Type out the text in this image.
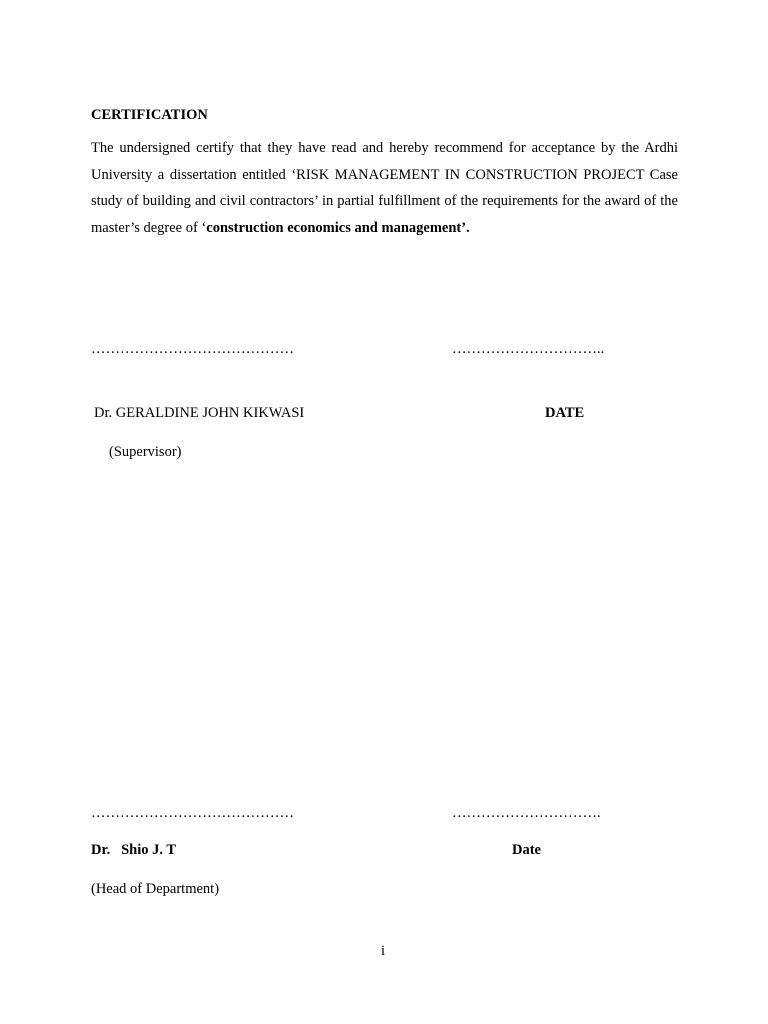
CERTIFICATION

The undersigned certify that they have read and hereby recommend for acceptance by the Ardhi University a dissertation entitled ‘RISK MANAGEMENT IN CONSTRUCTION PROJECT Case study of building and civil contractors’ in partial fulfillment of the requirements for the award of the master’s degree of ‘construction economics and management’.

……………………………………	…………………………..
Dr. GERALDINE JOHN KIKWASI	DATE
(Supervisor)
……………………………………	………………………….
Dr.   Shio J. T	Date
(Head of Department)
i
